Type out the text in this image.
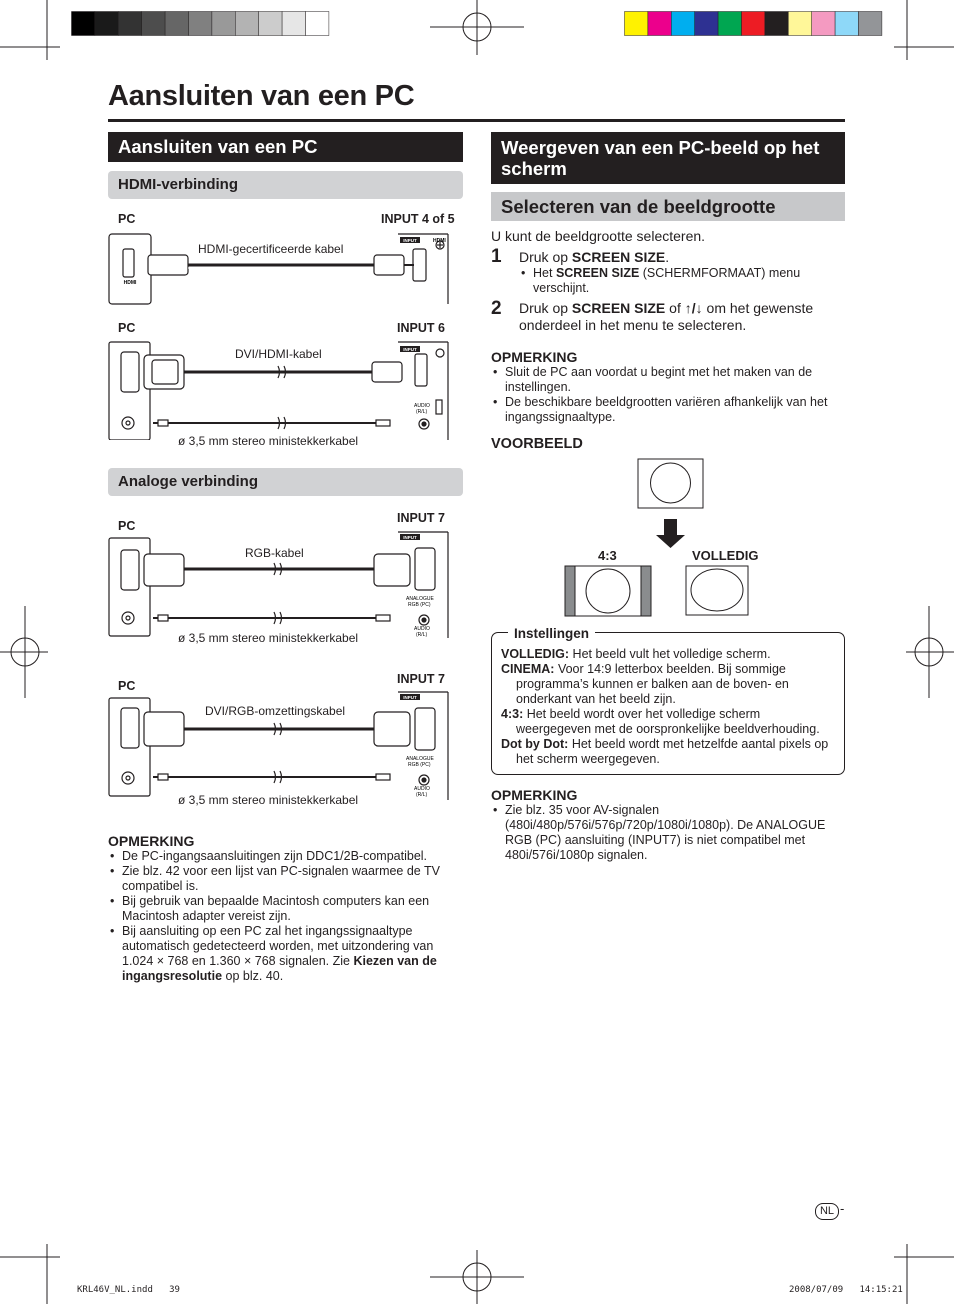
Aansluiten van een PC
Aansluiten van een PC
HDMI-verbinding
PC	INPUT 4 of 5
HDMI-gecertificeerde kabel
HDMI
INPUT	HDMI
PC	INPUT 6
DVI/HDMI-kabel
ø 3,5 mm stereo ministekkerkabel
INPUT
AUDIO
(R/L)
Analoge verbinding
PC
INPUT 7
RGB-kabel
ø 3,5 mm stereo ministekkerkabel
INPUT
ANALOGUE
RGB (PC)
AUDIO
(R/L)
PC	INPUT 7
DVI/RGB-omzettingskabel
ø 3,5 mm stereo ministekkerkabel
INPUT
ANALOGUE
RGB (PC)
AUDIO
(R/L)
OPMERKING
• De PC-ingangsaansluitingen zijn DDC1/2B-compatibel.
• Zie blz. 42 voor een lijst van PC-signalen waarmee de TV compatibel is.
• Bij gebruik van bepaalde Macintosh computers kan een Macintosh adapter vereist zijn.
• Bij aansluiting op een PC zal het ingangssignaaltype automatisch gedetecteerd worden, met uitzondering van 1.024 × 768 en 1.360 × 768 signalen. Zie Kiezen van de ingangsresolutie op blz. 40.
Weergeven van een PC-beeld op het scherm
Selecteren van de beeldgrootte
U kunt de beeldgrootte selecteren.
1 Druk op SCREEN SIZE.
• Het SCREEN SIZE (SCHERMFORMAAT) menu verschijnt.
2 Druk op SCREEN SIZE of ↑/↓ om het gewenste onderdeel in het menu te selecteren.
OPMERKING
• Sluit de PC aan voordat u begint met het maken van de instellingen.
• De beschikbare beeldgrootten variëren afhankelijk van het ingangssignaaltype.
VOORBEELD
4:3	VOLLEDIG
Instellingen

VOLLEDIG: Het beeld vult het volledige scherm.

CINEMA: Voor 14:9 letterbox beelden. Bij sommige programma’s kunnen er balken aan de boven- en onderkant van het beeld zijn.

4:3: Het beeld wordt over het volledige scherm weergegeven met de oorspronkelijke beeldverhouding.

Dot by Dot: Het beeld wordt met hetzelfde aantal pixels op het scherm weergegeven.

OPMERKING
• Zie blz. 35 voor AV-signalen (480i/480p/576i/576p/720p/1080i/1080p). De ANALOGUE RGB (PC) aansluiting (INPUT7) is niet compatibel met 480i/576i/1080p signalen.
NL -
KRL46V_NL.indd   39	2008/07/09   14:15:21
